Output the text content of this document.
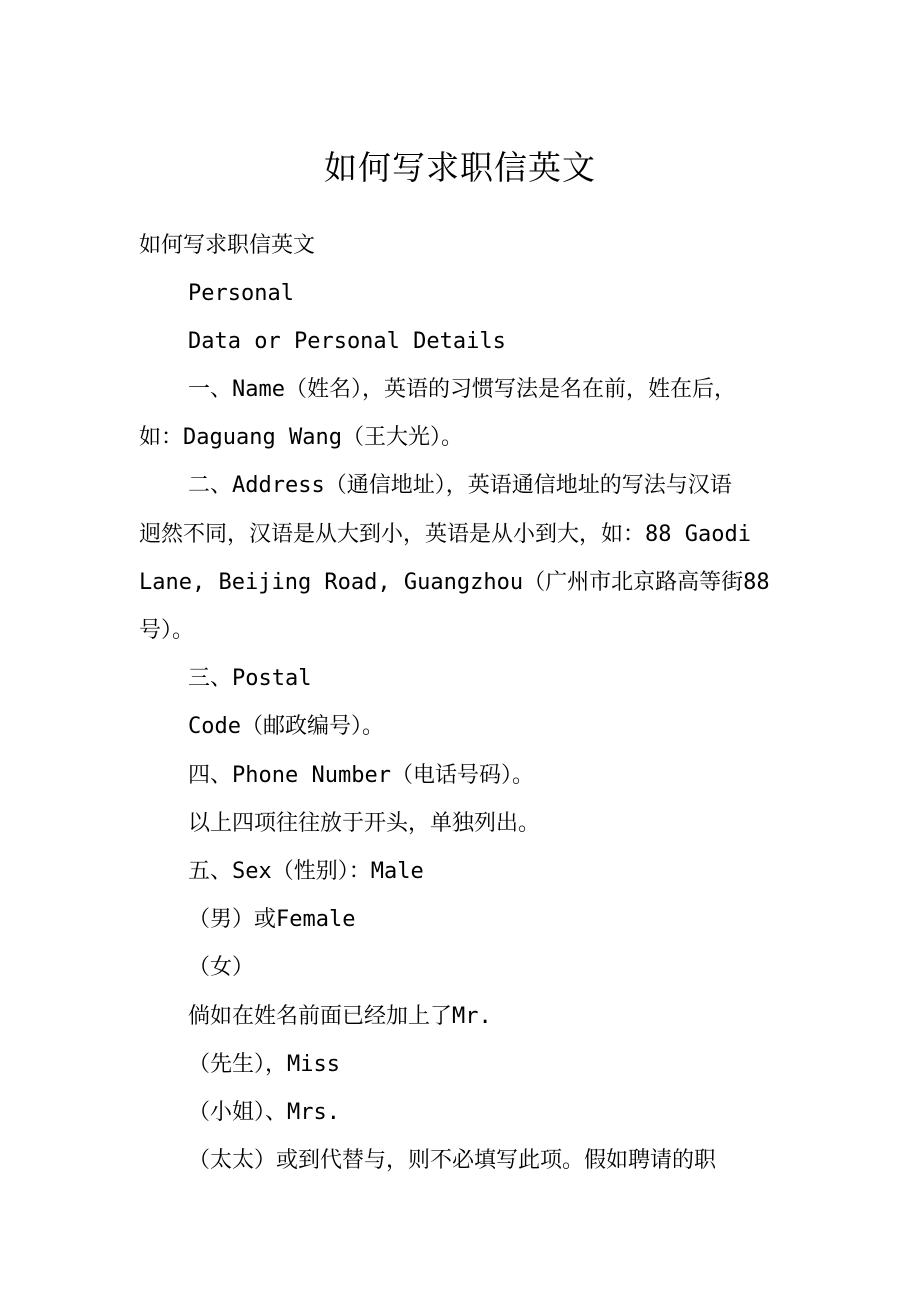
如何写求职信英文

如何写求职信英文

Personal

Data or Personal Details

一、Name（姓名），英语的习惯写法是名在前，姓在后，

如：Daguang Wang（王大光）。

二、Address（通信地址），英语通信地址的写法与汉语

迥然不同，汉语是从大到小，英语是从小到大，如：88 Gaodi

Lane, Beijing Road, Guangzhou（广州市北京路高等街88

号）。

三、Postal

Code（邮政编号）。

四、Phone Number（电话号码）。

以上四项往往放于开头，单独列出。

五、Sex（性别）：Male

（男）或Female

（女）

倘如在姓名前面已经加上了Mr.

（先生），Miss

（小姐）、Mrs.

（太太）或到代替与，则不必填写此项。假如聘请的职
